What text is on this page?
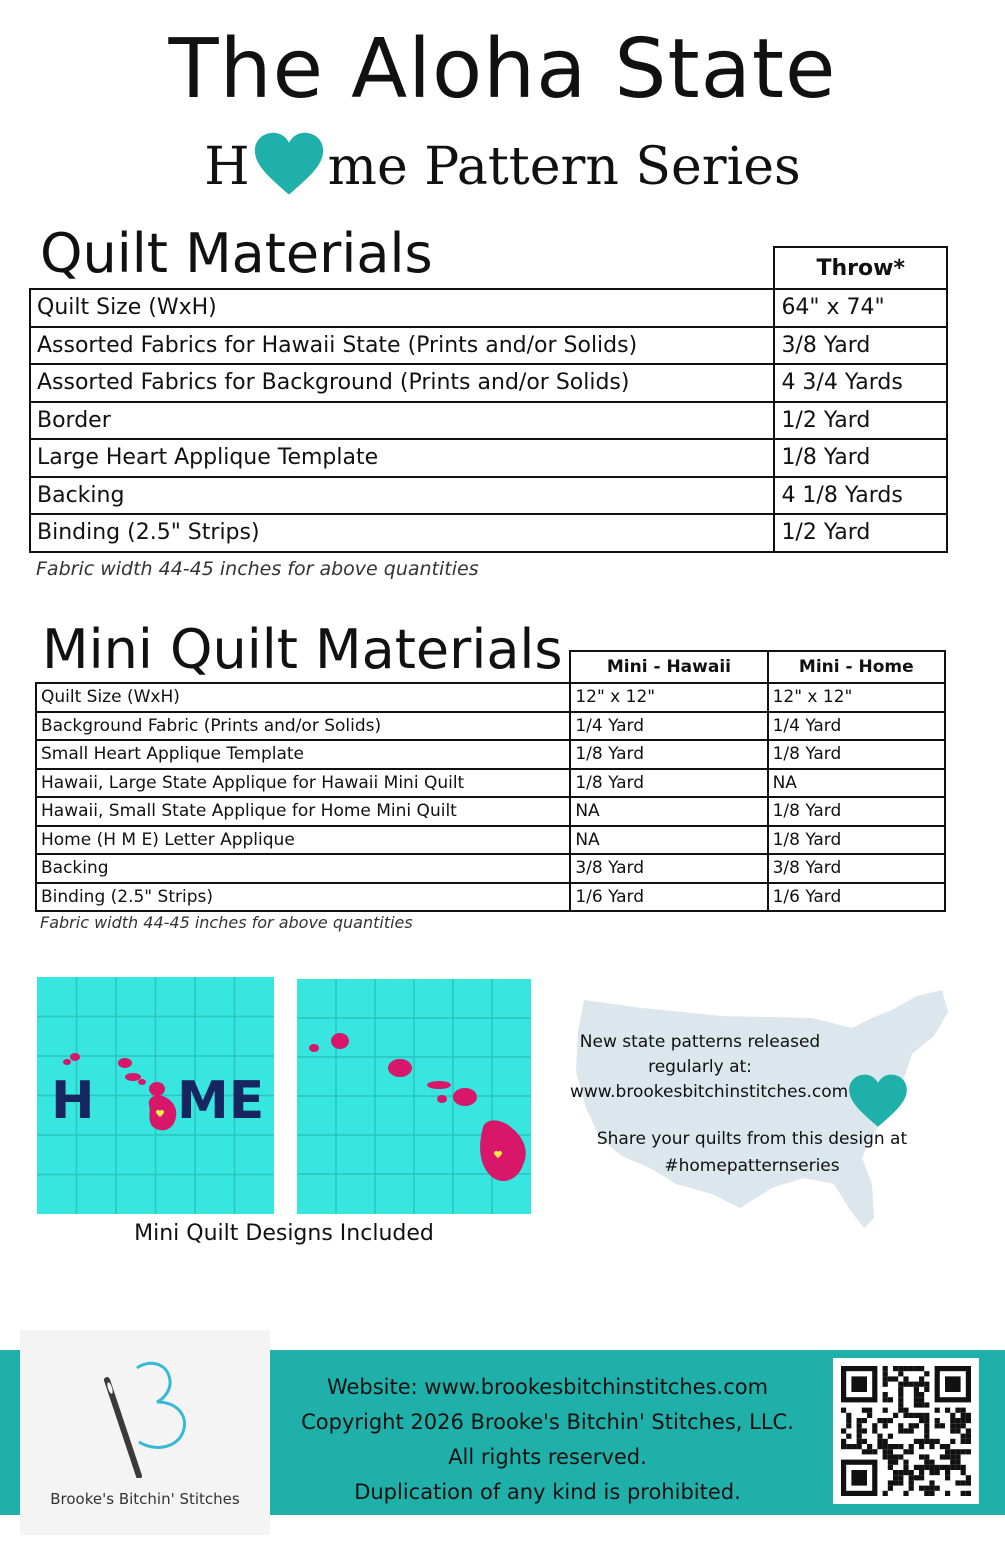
The Aloha State
H me Pattern Series
Quilt Materials
		Throw*
Quilt Size (WxH)	64" x 74"
Assorted Fabrics for Hawaii State (Prints and/or Solids)	3/8 Yard
Assorted Fabrics for Background (Prints and/or Solids)	4 3/4 Yards
Border	1/2 Yard
Large Heart Applique Template	1/8 Yard
Backing	4 1/8 Yards
Binding (2.5" Strips)	1/2 Yard
Fabric width 44-45 inches for above quantities
Mini Quilt Materials
		Mini - Hawaii	Mini - Home
Quilt Size (WxH)	12" x 12"	12" x 12"
Background Fabric (Prints and/or Solids)	1/4 Yard	1/4 Yard
Small Heart Applique Template	1/8 Yard	1/8 Yard
Hawaii, Large State Applique for Hawaii Mini Quilt	1/8 Yard	NA
Hawaii, Small State Applique for Home Mini Quilt	NA	1/8 Yard
Home (H M E) Letter Applique	NA	1/8 Yard
Backing	3/8 Yard	3/8 Yard
Binding (2.5" Strips)	1/6 Yard	1/6 Yard
Fabric width 44-45 inches for above quantities
H ME
Mini Quilt Designs Included
New state patterns released
regularly at:
www.brookesbitchinstitches.com
Share your quilts from this design at
#homepatternseries
Brooke's Bitchin' Stitches
Website: www.brookesbitchinstitches.com
Copyright 2026 Brooke's Bitchin' Stitches, LLC.
All rights reserved.
Duplication of any kind is prohibited.
